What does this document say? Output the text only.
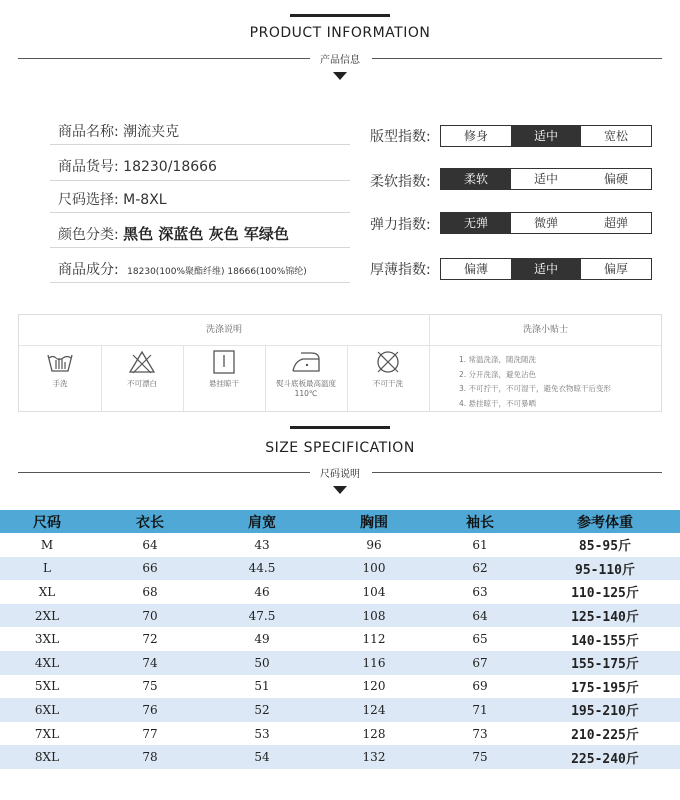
PRODUCT INFORMATION
产品信息
商品名称: 潮流夹克
商品货号: 18230/18666
尺码选择: M-8XL
颜色分类: 黑色 深蓝色 灰色 军绿色
商品成分: 18230(100%聚酯纤维) 18666(100%锦纶)
版型指数:	修身	适中	宽松
柔软指数:	柔软	适中	偏硬
弹力指数:	无弹	微弹	超弹
厚薄指数:	偏薄	适中	偏厚
洗涤说明	洗涤小贴士
手洗	不可漂白	悬挂晾干	熨斗底板最高温度110℃
不可干洗
1. 常温洗涤，随洗随洗
2. 分开洗涤，避免沾色
3. 不可拧干，不可湿干，避免衣物晾干后变形
4. 悬挂晾干，不可暴晒
SIZE SPECIFICATION
尺码说明
尺码	衣长	肩宽	胸围	袖长	参考体重
M	64	43	96	61	85-95斤
L	66	44.5	100	62	95-110斤
XL	68	46	104	63	110-125斤
2XL	70	47.5	108	64	125-140斤
3XL	72	49	112	65	140-155斤
4XL	74	50	116	67	155-175斤
5XL	75	51	120	69	175-195斤
6XL	76	52	124	71	195-210斤
7XL	77	53	128	73	210-225斤
8XL	78	54	132	75	225-240斤
